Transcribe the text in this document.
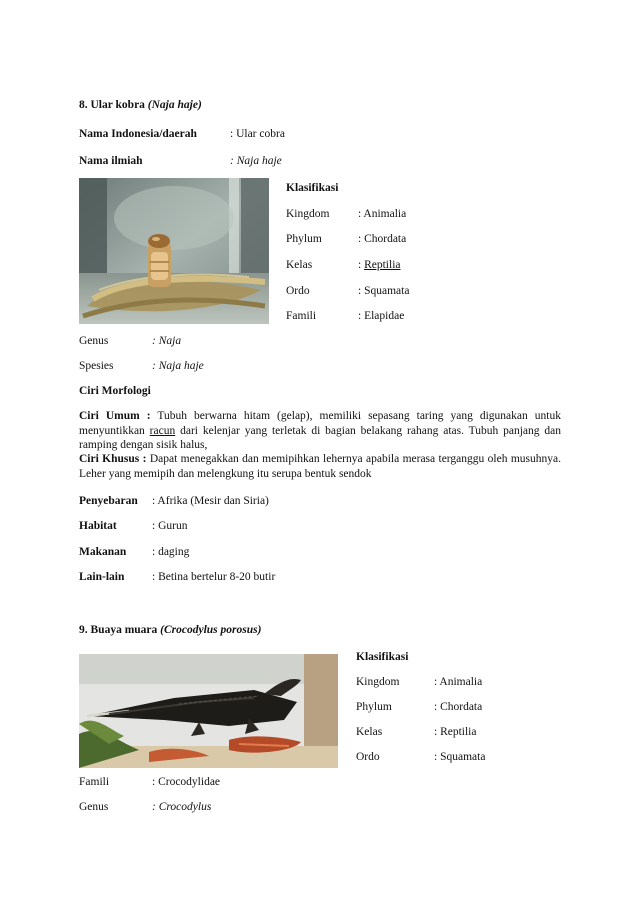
8. Ular kobra (Naja haje)
Nama Indonesia/daerah	: Ular cobra
Nama ilmiah	: Naja haje
Klasifikasi
Kingdom : Animalia
Phylum	: Chordata
Kelas	: Reptilia
Ordo	: Squamata
Famili	: Elapidae
Genus	: Naja
Spesies	: Naja haje
Ciri Morfologi
Ciri Umum : Tubuh berwarna hitam (gelap), memiliki sepasang taring yang digunakan untuk menyuntikkan racun dari kelenjar yang terletak di bagian belakang rahang atas. Tubuh panjang dan ramping dengan sisik halus,
Ciri Khusus : Dapat menegakkan dan memipihkan lehernya apabila merasa terganggu oleh musuhnya. Leher yang memipih dan melengkung itu serupa bentuk sendok
Penyebaran : Afrika (Mesir dan Siria)
Habitat	: Gurun
Makanan : daging
Lain-lain : Betina bertelur 8-20 butir
9. Buaya muara (Crocodylus porosus)
Klasifikasi
Kingdom	: Animalia
Phylum	: Chordata
Kelas	: Reptilia
Ordo	: Squamata
Famili	: Crocodylidae
Genus	: Crocodylus
